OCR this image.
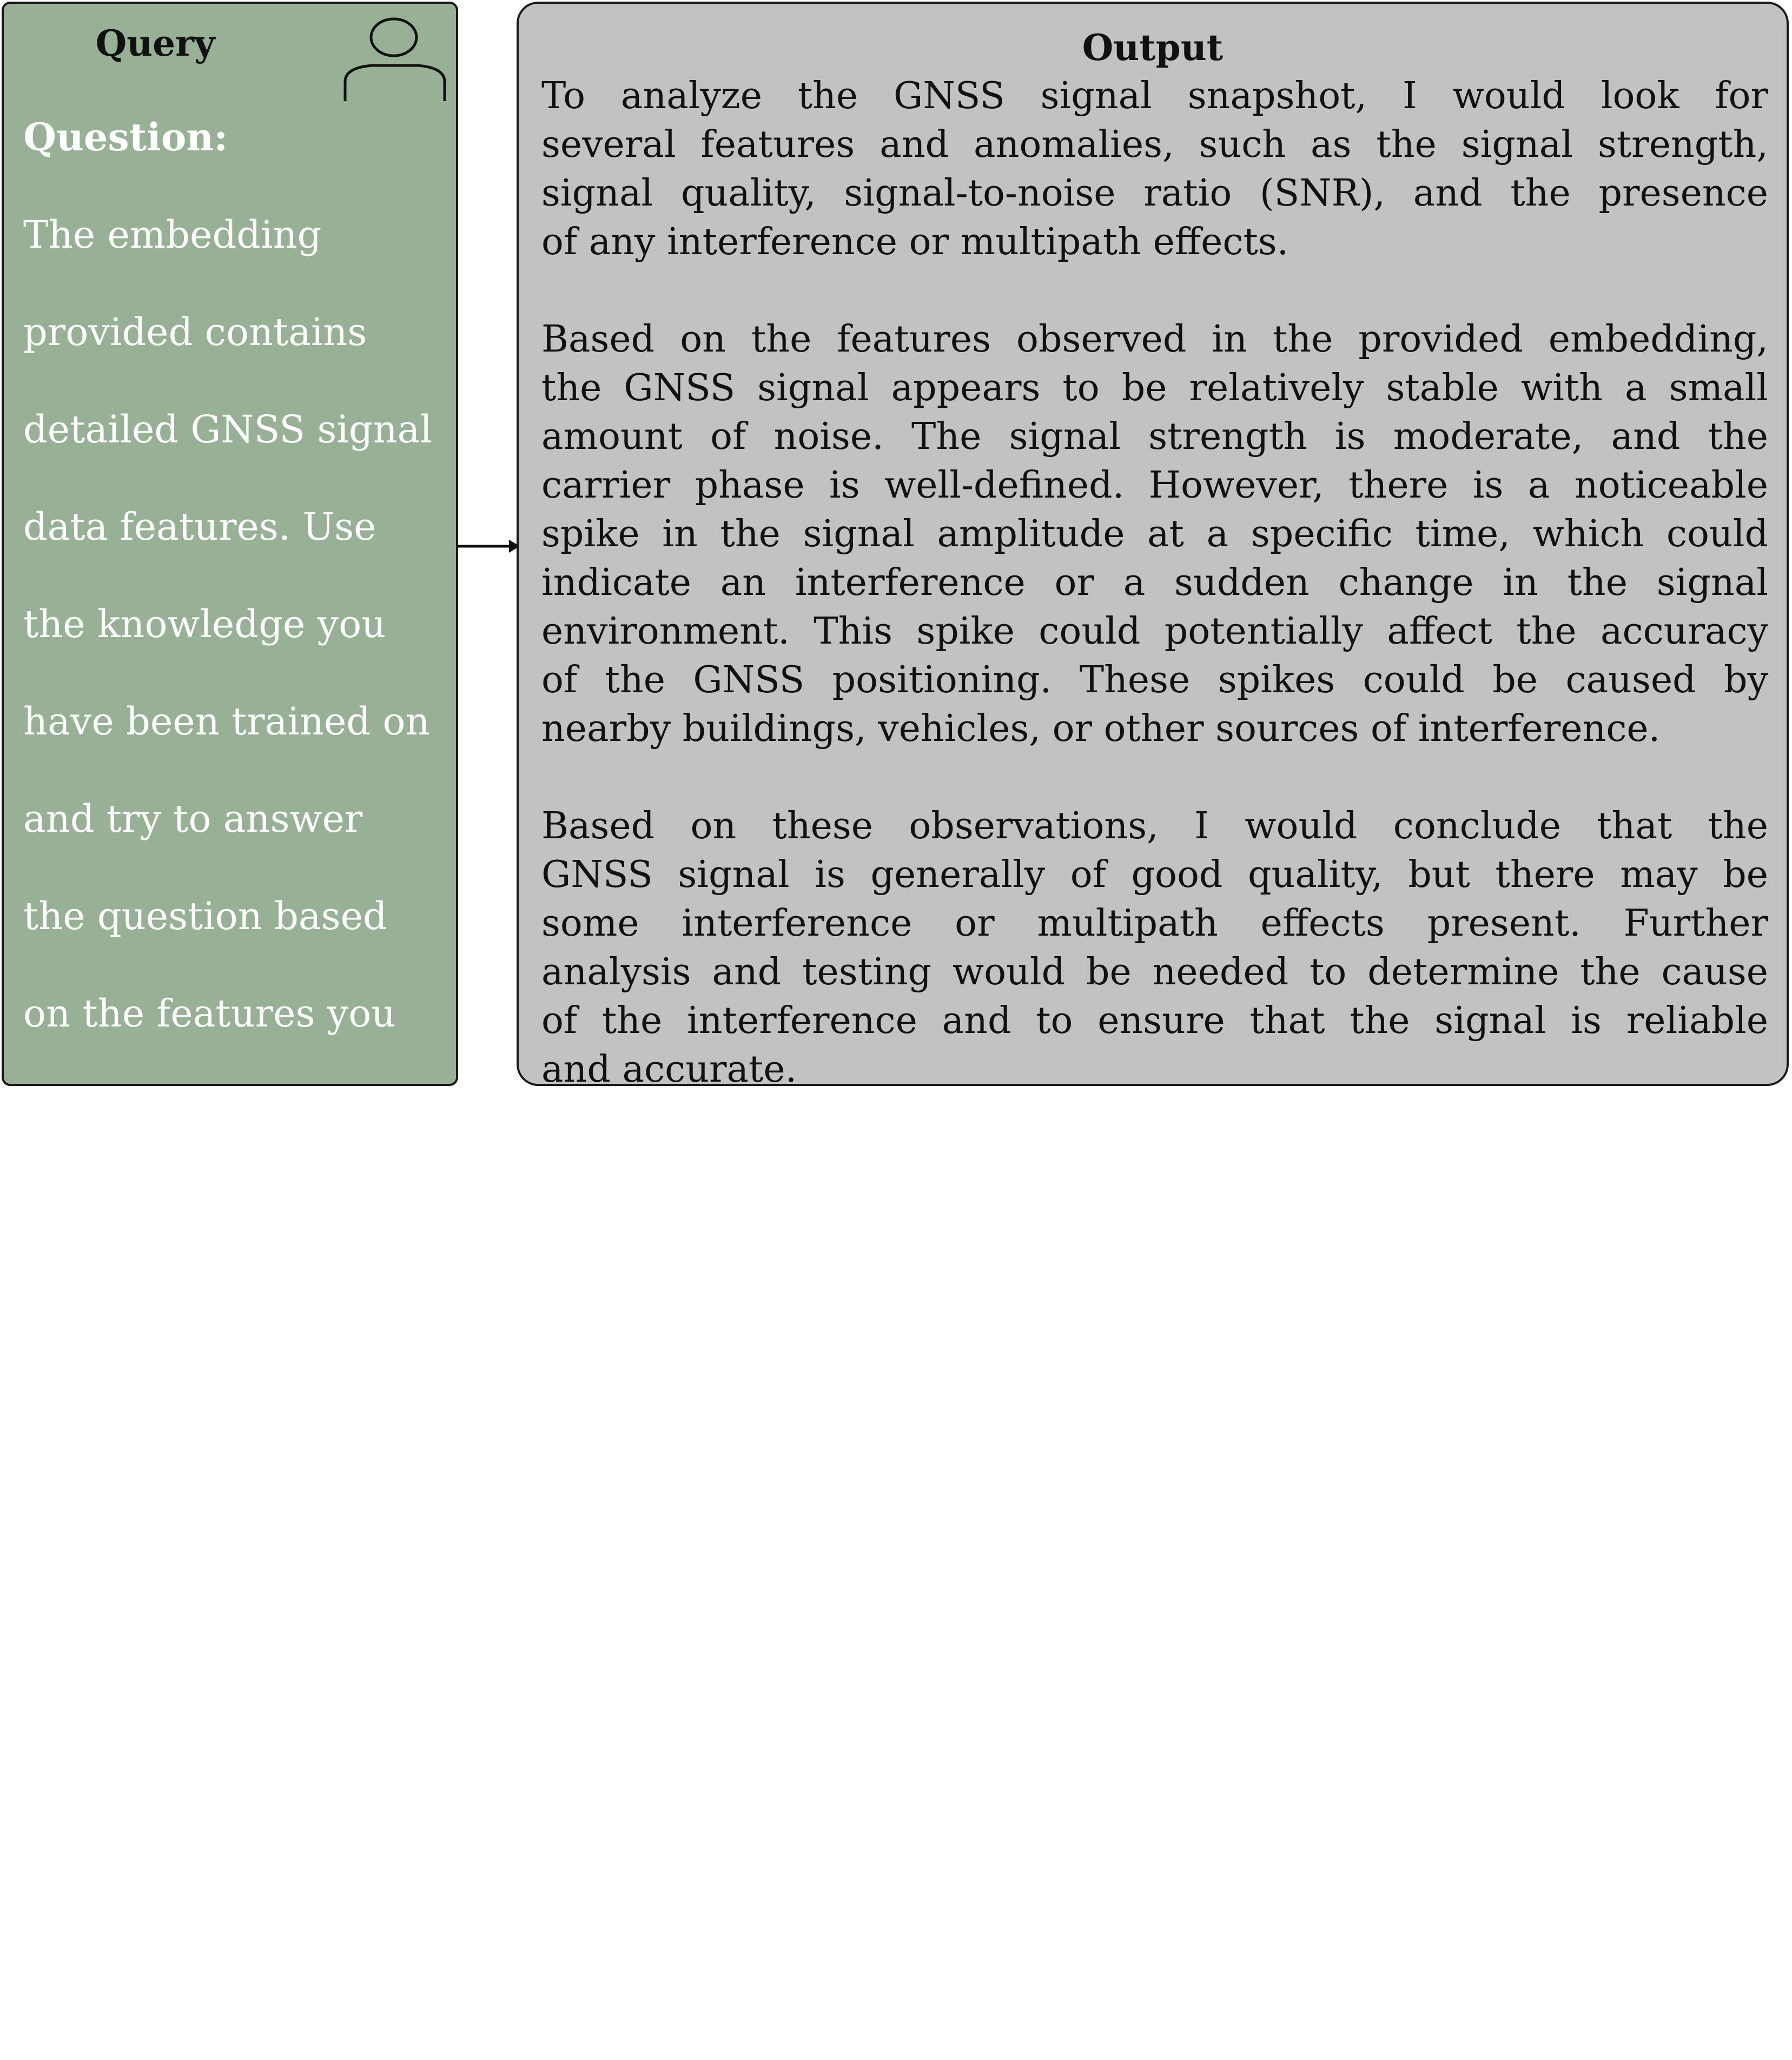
Query

Question:

The embedding

provided contains

detailed GNSS signal

data features. Use

the knowledge you

have been trained on

and try to answer

the question based

on the features you

observe from the

given embedding:

embedding_input

What are the

features and

anomalies in this

image and what do

you conclude from

this image?

Output
To analyze the GNSS signal snapshot, I would look for
several features and anomalies, such as the signal strength,
signal quality, signal-to-noise ratio (SNR), and the presence
of any interference or multipath effects.
Based on the features observed in the provided embedding,
the GNSS signal appears to be relatively stable with a small
amount of noise. The signal strength is moderate, and the
carrier phase is well-defined. However, there is a noticeable
spike in the signal amplitude at a specific time, which could
indicate an interference or a sudden change in the signal
environment. This spike could potentially affect the accuracy
of the GNSS positioning. These spikes could be caused by
nearby buildings, vehicles, or other sources of interference.
Based on these observations, I would conclude that the
GNSS signal is generally of good quality, but there may be
some interference or multipath effects present. Further
analysis and testing would be needed to determine the cause
of the interference and to ensure that the signal is reliable
and accurate.
